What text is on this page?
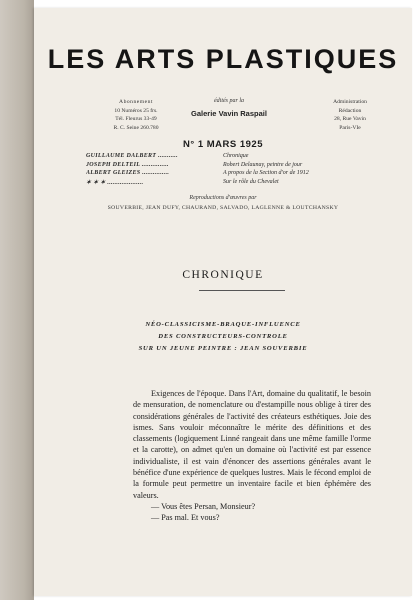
LES ARTS PLASTIQUES
Abonnement
10 Numéros 25 frs.
Tél. Fleurus 33-49
R. C. Seine 260.780
édités par la
Galerie Vavin Raspail
Administration
Rédaction
28, Rue Vavin
Paris-VIe
N° 1 MARS 1925
GUILLAUME DALBERT ...........	Chronique
JOSEPH DELTEIL ...............	Robert Delaunay, peintre de jour
ALBERT GLEIZES ...............	A propos de la Section d'or de 1912
✶ ✶ ✶ ....................	Sur le rôle du Chevalet
Reproductions d'œuvres par
SOUVERBIE, JEAN DUFY, CHAURAND, SALVADO, LAGLENNE & LOUTCHANSKY
CHRONIQUE
NÉO-CLASSICISME-BRAQUE-INFLUENCE
DES CONSTRUCTEURS-CONTROLE
SUR UN JEUNE PEINTRE : JEAN SOUVERBIE

Exigences de l'époque. Dans l'Art, domaine du qualitatif, le besoin de mensuration, de nomenclature ou d'estampille nous oblige à tirer des considérations générales de l'activité des créateurs esthétiques. Joie des ismes. Sans vouloir méconnaître le mérite des définitions et des classements (logiquement Linné rangeait dans une même famille l'orme et la carotte), on admet qu'en un domaine où l'activité est par essence individualiste, il est vain d'énoncer des assertions générales avant le bénéfice d'une expérience de quelques lustres. Mais le fécond emploi de la formule peut permettre un inventaire facile et bien éphémère des valeurs.

— Vous êtes Persan, Monsieur?

— Pas mal. Et vous?
